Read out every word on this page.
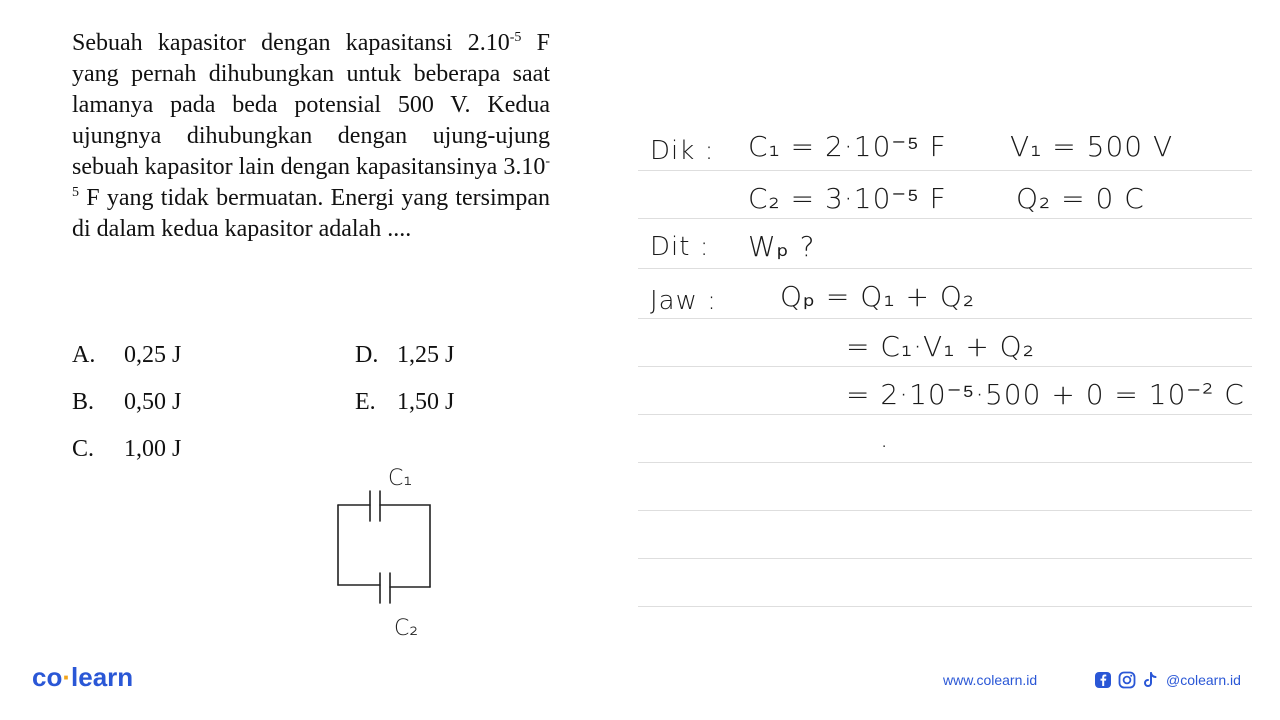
Sebuah kapasitor dengan kapasitansi $2.10^{-5}$ F yang pernah dihubungkan untuk beberapa saat lamanya pada beda potensial 500 V. Kedua ujungnya dihubungkan dengan ujung-ujung sebuah kapasitor lain dengan kapasitansinya $3.10^{-5}$ F yang tidak bermuatan. Energi yang tersimpan di dalam kedua kapasitor adalah ....

A. 0,25 J
B. 0,50 J
C. 1,00 J
D. 1,25 J
E. 1,50 J
C₁
C₂
Dik : C₁ = 2·10⁻⁵ F V₁ = 500 V
C₂ = 3·10⁻⁵ F Q₂ = 0 C
Dit : Wₚ ?
Jaw : Qₚ = Q₁ + Q₂
= C₁·V₁ + Q₂
= 2·10⁻⁵·500 + 0 = 10⁻² C
.
co·learn	www.colearn.id	@colearn.id
